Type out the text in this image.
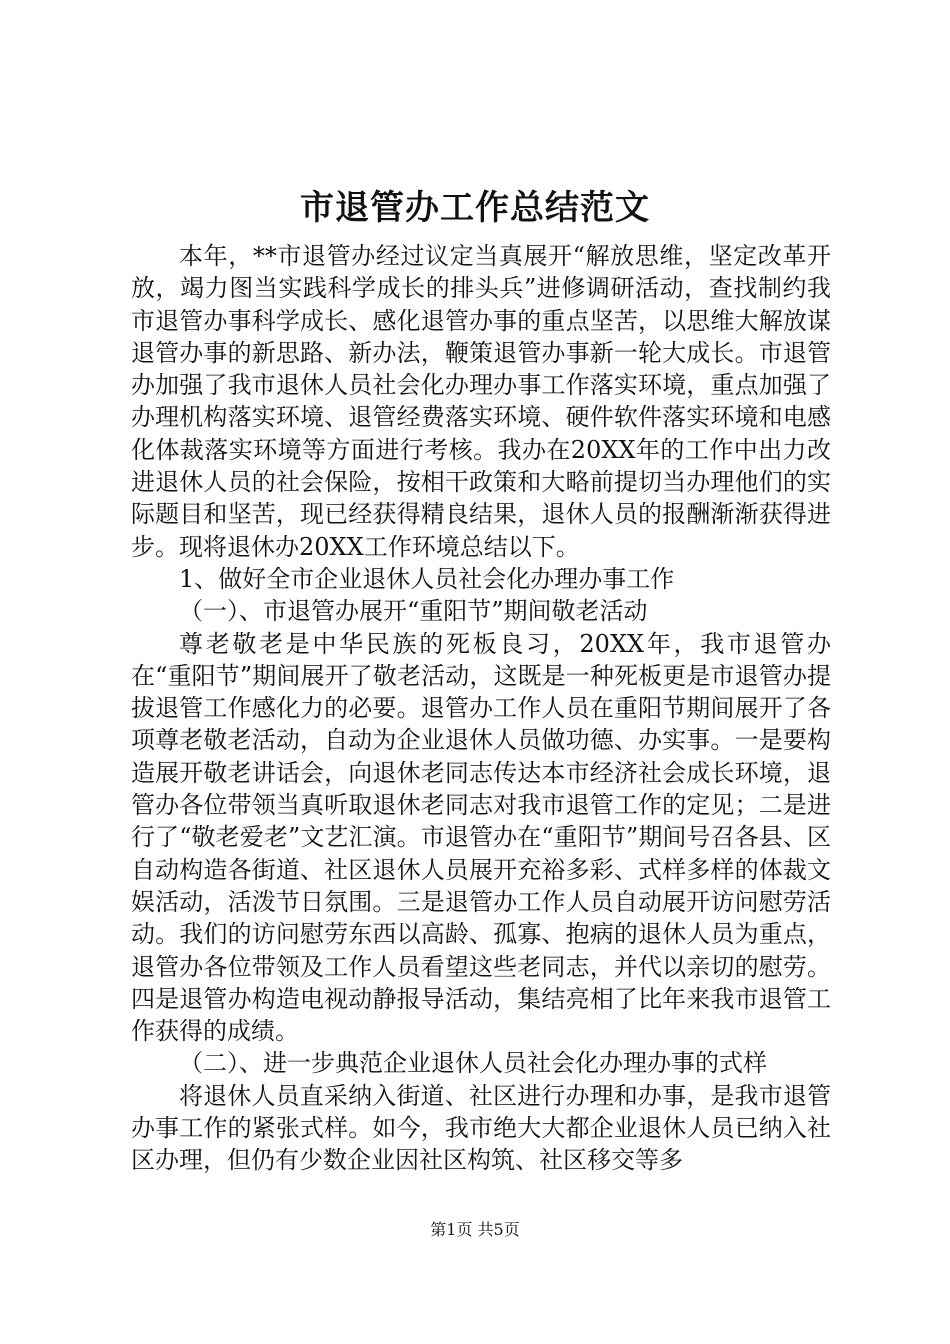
市退管办工作总结范文

本年，**市退管办经过议定当真展开“解放思维，坚定改革开放，竭力图当实践科学成长的排头兵”进修调研活动，查找制约我市退管办事科学成长、感化退管办事的重点坚苦，以思维大解放谋退管办事的新思路、新办法，鞭策退管办事新一轮大成长。市退管办加强了我市退休人员社会化办理办事工作落实环境，重点加强了办理机构落实环境、退管经费落实环境、硬件软件落实环境和电感化体裁落实环境等方面进行考核。我办在20XX年的工作中出力改进退休人员的社会保险，按相干政策和大略前提切当办理他们的实际题目和坚苦，现已经获得精良结果，退休人员的报酬渐渐获得进步。现将退休办20XX工作环境总结以下。

1、做好全市企业退休人员社会化办理办事工作

（一）、市退管办展开“重阳节”期间敬老活动

尊老敬老是中华民族的死板良习，20XX年，我市退管办在“重阳节”期间展开了敬老活动，这既是一种死板更是市退管办提拔退管工作感化力的必要。退管办工作人员在重阳节期间展开了各项尊老敬老活动，自动为企业退休人员做功德、办实事。一是要构造展开敬老讲话会，向退休老同志传达本市经济社会成长环境，退管办各位带领当真听取退休老同志对我市退管工作的定见；二是进行了“敬老爱老”文艺汇演。市退管办在“重阳节”期间号召各县、区自动构造各街道、社区退休人员展开充裕多彩、式样多样的体裁文娱活动，活泼节日氛围。三是退管办工作人员自动展开访问慰劳活动。我们的访问慰劳东西以高龄、孤寡、抱病的退休人员为重点，退管办各位带领及工作人员看望这些老同志，并代以亲切的慰劳。四是退管办构造电视动静报导活动，集结亮相了比年来我市退管工作获得的成绩。

（二）、进一步典范企业退休人员社会化办理办事的式样

将退休人员直采纳入街道、社区进行办理和办事，是我市退管办事工作的紧张式样。如今，我市绝大大都企业退休人员已纳入社区办理，但仍有少数企业因社区构筑、社区移交等多

第1页 共5页
